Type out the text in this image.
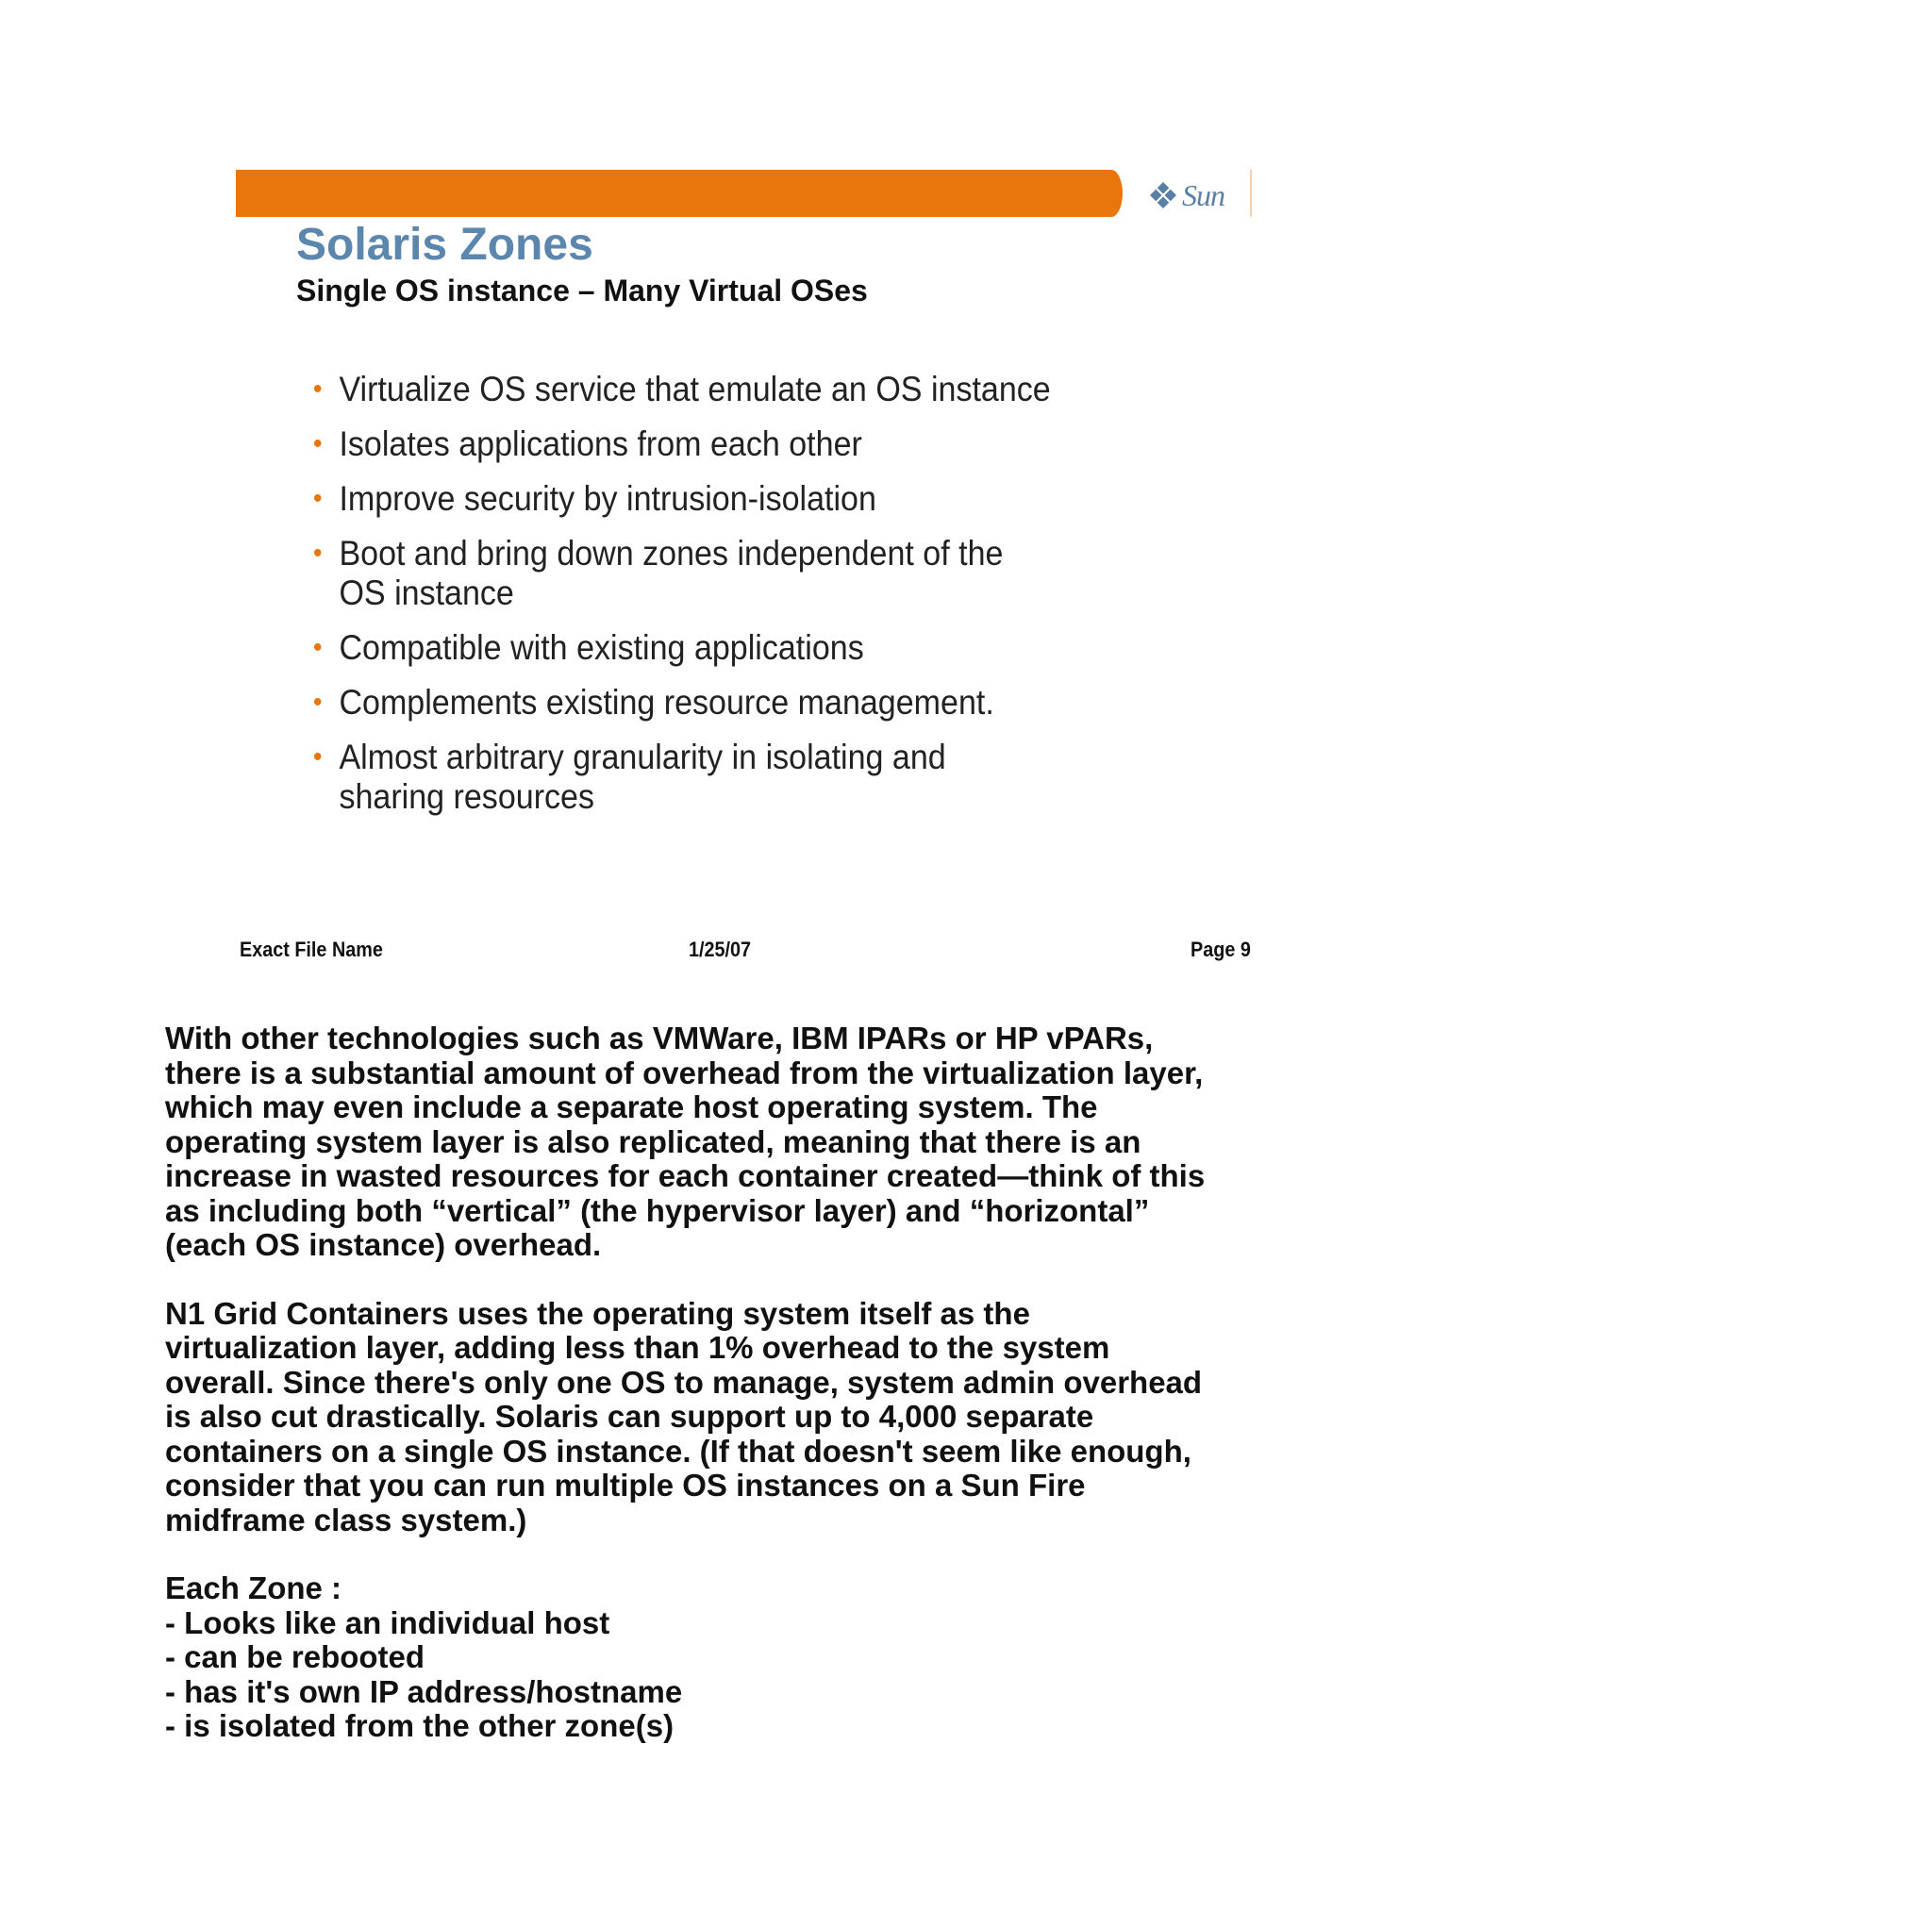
Sun
Solaris Zones
Single OS instance – Many Virtual OSes
• Virtualize OS service that emulate an OS instance
• Isolates applications from each other
• Improve security by intrusion-isolation
• Boot and bring down zones independent of the OS instance
• Compatible with existing applications
• Complements existing resource management.
• Almost arbitrary granularity in isolating and sharing resources
Exact File Name	1/25/07	Page 9

With other technologies such as VMWare, IBM IPARs or HP vPARs,
there is a substantial amount of overhead from the virtualization layer,
which may even include a separate host operating system. The
operating system layer is also replicated, meaning that there is an
increase in wasted resources for each container created—think of this
as including both “vertical” (the hypervisor layer) and “horizontal”
(each OS instance) overhead.

N1 Grid Containers uses the operating system itself as the
virtualization layer, adding less than 1% overhead to the system
overall. Since there's only one OS to manage, system admin overhead
is also cut drastically. Solaris can support up to 4,000 separate
containers on a single OS instance. (If that doesn't seem like enough,
consider that you can run multiple OS instances on a Sun Fire
midframe class system.)

Each Zone :
- Looks like an individual host
- can be rebooted
- has it's own IP address/hostname
- is isolated from the other zone(s)
